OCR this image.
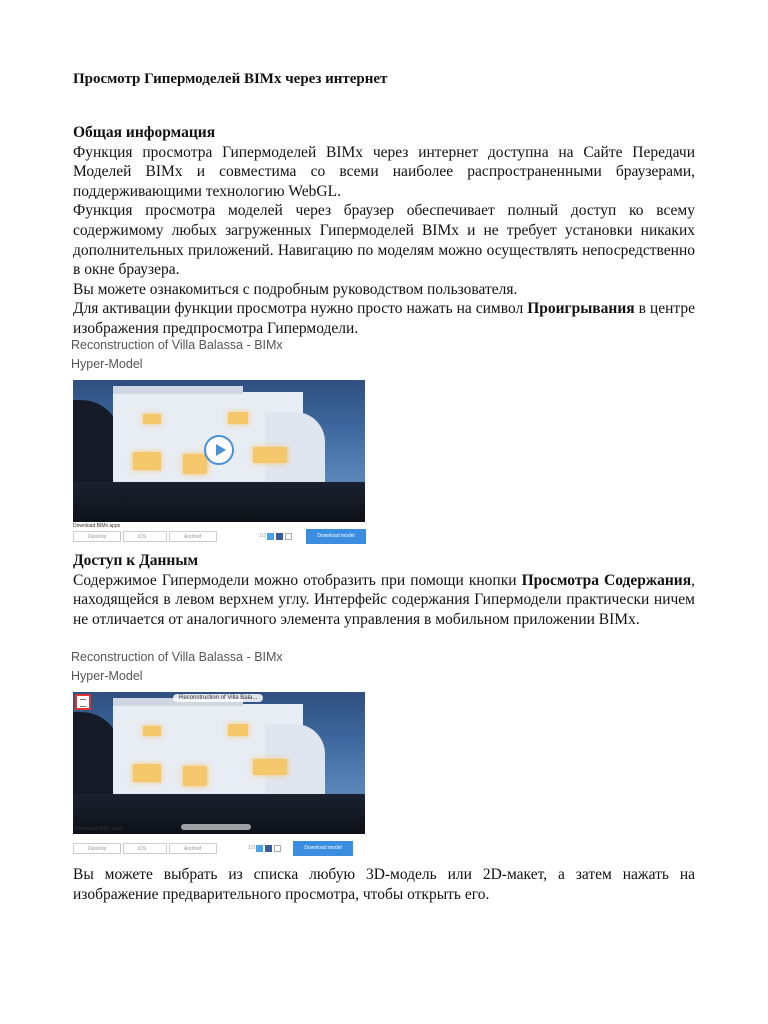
Просмотр Гипермоделей BIMx через интернет
Общая информация

Функция просмотра Гипермоделей BIMx через интернет доступна на Сайте Передачи Моделей BIMx и совместима со всеми наиболее распространенными браузерами, поддерживающими технологию WebGL.

Функция просмотра моделей через браузер обеспечивает полный доступ ко всему содержимому любых загруженных Гипермоделей BIMx и не требует установки никаких дополнительных приложений. Навигацию по моделям можно осуществлять непосредственно в окне браузера.

Вы можете ознакомиться с подробным руководством пользователя.

Для активации функции просмотра нужно просто нажать на символ Проигрывания в центре изображения предпросмотра Гипермодели.

Reconstruction of Villa Balassa - BIMx
Hyper-Model
Download BIMx apps
Desktop	iOS	Android	1/3	Download model
Доступ к Данным

Содержимое Гипермодели можно отобразить при помощи кнопки Просмотра Содержания, находящейся в левом верхнем углу. Интерфейс содержания Гипермодели практически ничем не отличается от аналогичного элемента управления в мобильном приложении BIMx.

Reconstruction of Villa Balassa - BIMx
Hyper-Model
Reconstruction of Villa Bala...
Download BIMx apps
Desktop	iOS	Android	1/3	Download model

Вы можете выбрать из списка любую 3D-модель или 2D-макет, а затем нажать на изображение предварительного просмотра, чтобы открыть его.
